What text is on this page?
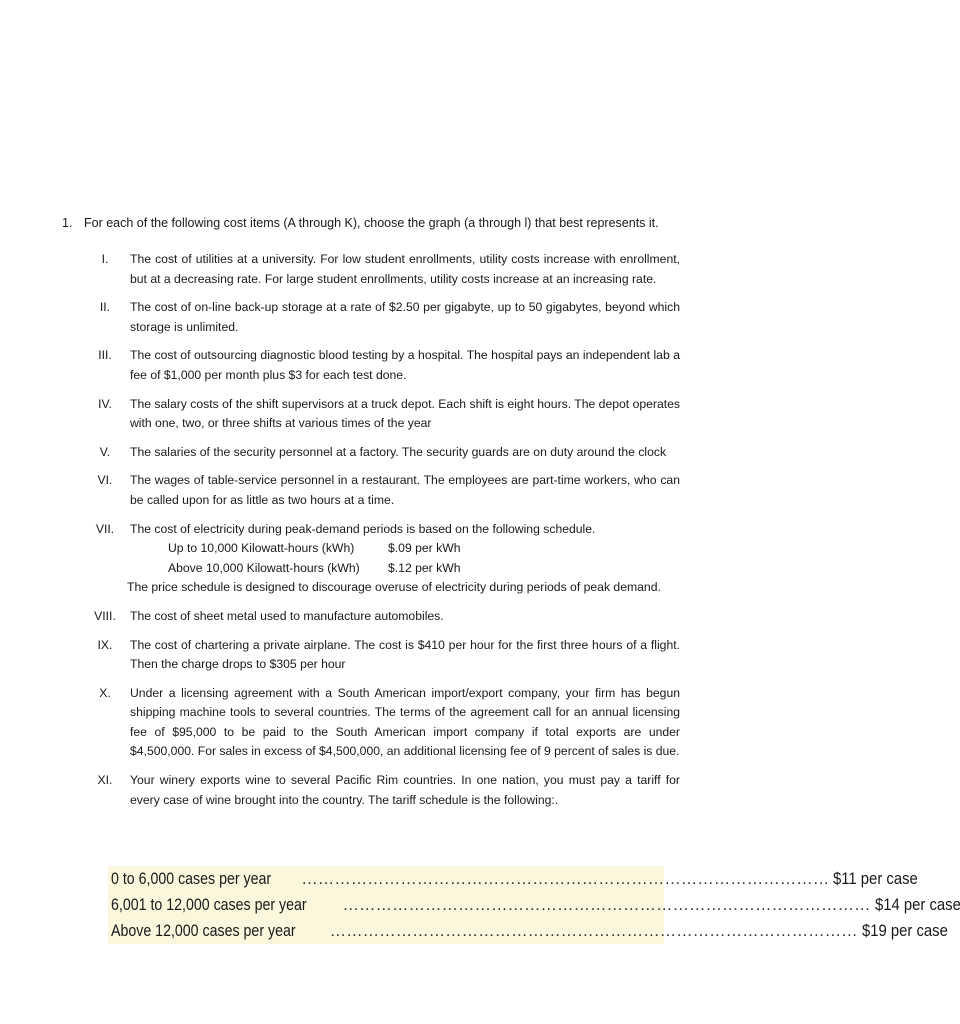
1. For each of the following cost items (A through K), choose the graph (a through l) that best represents it.
I.	The cost of utilities at a university. For low student enrollments, utility costs increase with enrollment, but at a decreasing rate. For large student enrollments, utility costs increase at an increasing rate.
II.	The cost of on-line back-up storage at a rate of $2.50 per gigabyte, up to 50 gigabytes, beyond which storage is unlimited.
III.	The cost of outsourcing diagnostic blood testing by a hospital. The hospital pays an independent lab a fee of $1,000 per month plus $3 for each test done.
IV.	The salary costs of the shift supervisors at a truck depot. Each shift is eight hours. The depot operates with one, two, or three shifts at various times of the year
V.	The salaries of the security personnel at a factory. The security guards are on duty around the clock
VI.	The wages of table-service personnel in a restaurant. The employees are part-time workers, who can be called upon for as little as two hours at a time.
VII.	The cost of electricity during peak-demand periods is based on the following schedule.
Up to 10,000 Kilowatt-hours (kWh)	$.09 per kWh
Above 10,000 Kilowatt-hours (kWh)	$.12 per kWh
The price schedule is designed to discourage overuse of electricity during periods of peak demand.
VIII.	The cost of sheet metal used to manufacture automobiles.
IX.	The cost of chartering a private airplane. The cost is $410 per hour for the first three hours of a flight. Then the charge drops to $305 per hour
X.	Under a licensing agreement with a South American import/export company, your firm has begun shipping machine tools to several countries. The terms of the agreement call for an annual licensing fee of $95,000 to be paid to the South American import company if total exports are under $4,500,000. For sales in excess of $4,500,000, an additional licensing fee of 9 percent of sales is due.
XI.	Your winery exports wine to several Pacific Rim countries. In one nation, you must pay a tariff for every case of wine brought into the country. The tariff schedule is the following:.
0 to 6,000 cases per year …………………………………………………………………………………… $11 per case
6,001 to 12,000 cases per year …………………………………………………………………………………… $14 per case
Above 12,000 cases per year …………………………………………………………………………………… $19 per case
